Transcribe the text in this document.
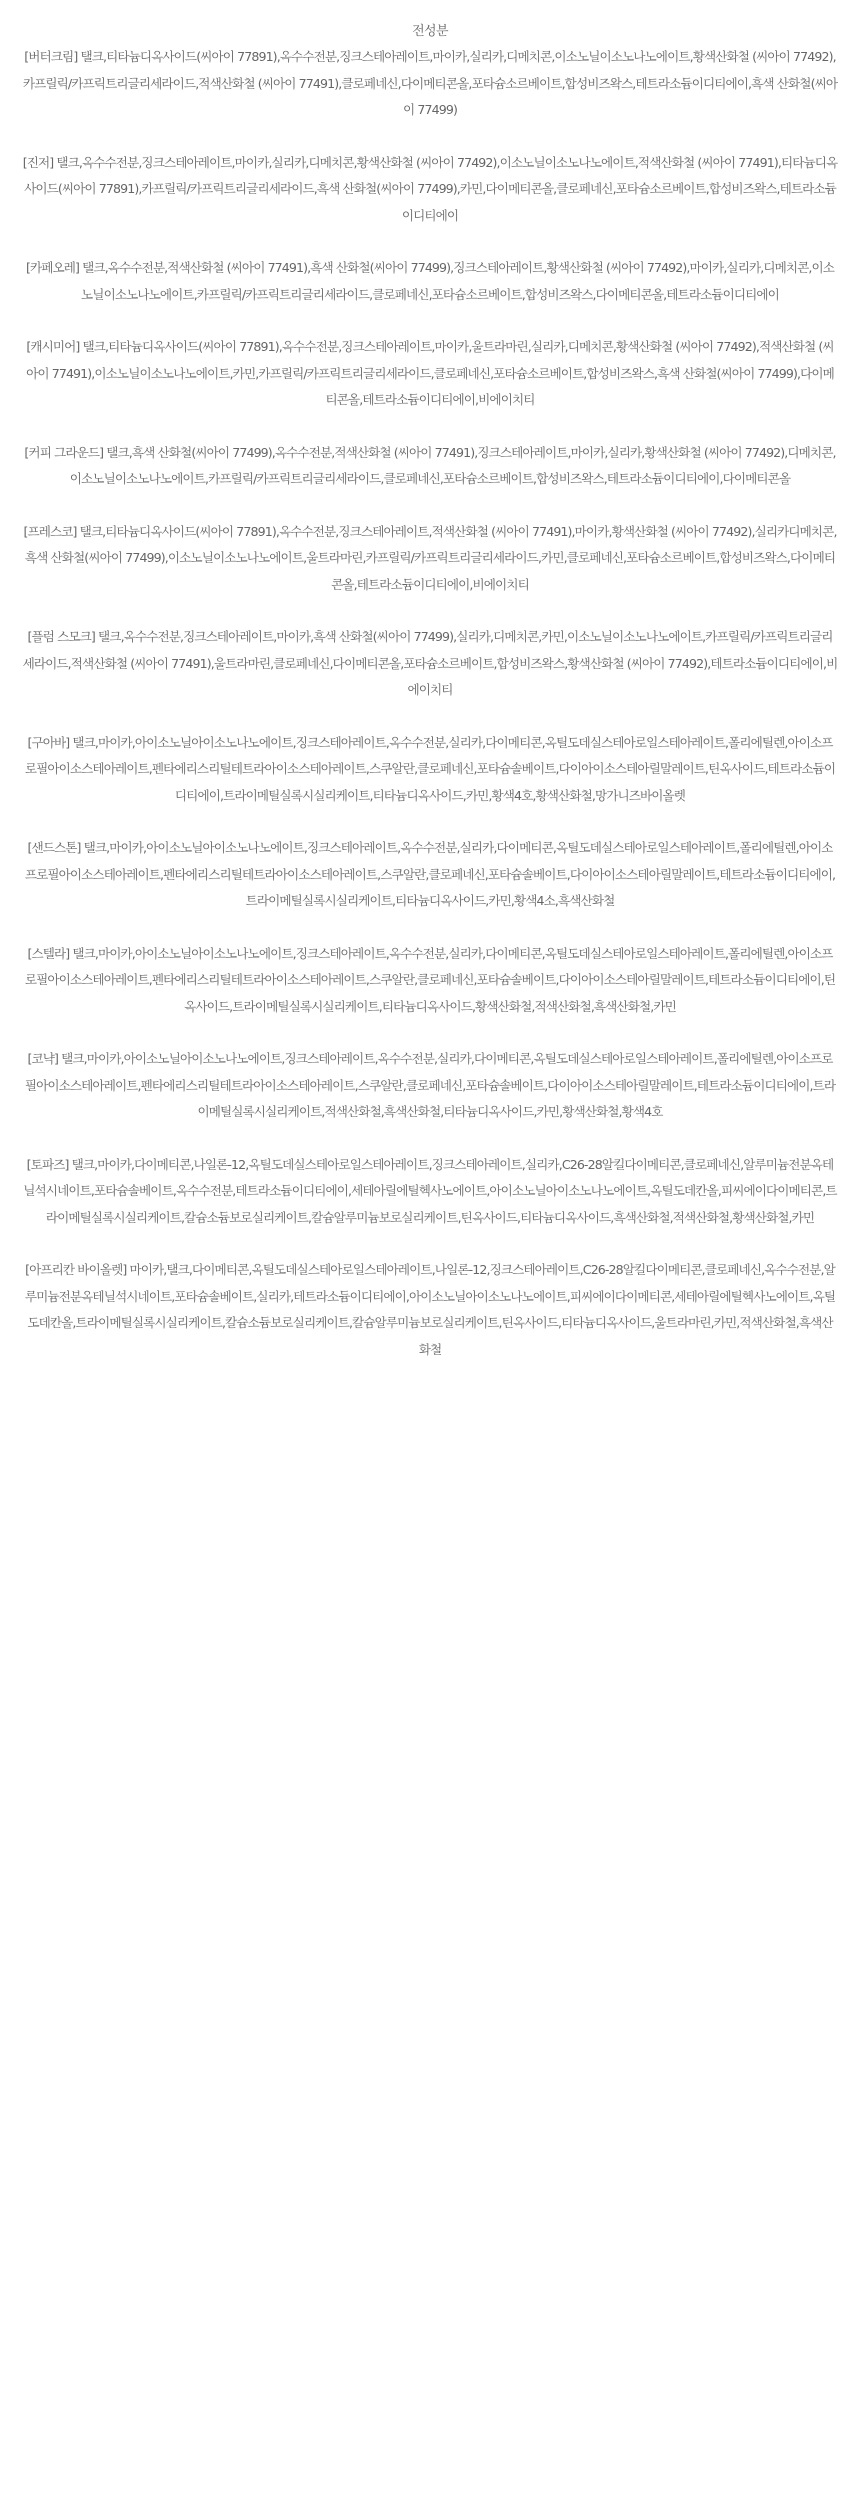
전성분

[버터크림] 탤크,티타늄디옥사이드(씨아이 77891),옥수수전분,징크스테아레이트,마이카,실리카,디메치콘,이소노닐이소노나노에이트,황색산화철 (씨아이 77492),카프릴릭/카프릭트리글리세라이드,적색산화철 (씨아이 77491),클로페네신,다이메티콘올,포타슘소르베이트,합성비즈왁스,테트라소듐이디티에이,흑색 산화철(씨아이 77499)

[진저] 탤크,옥수수전분,징크스테아레이트,마이카,실리카,디메치콘,황색산화철 (씨아이 77492),이소노닐이소노나노에이트,적색산화철 (씨아이 77491),티타늄디옥사이드(씨아이 77891),카프릴릭/카프릭트리글리세라이드,흑색 산화철(씨아이 77499),카민,다이메티콘올,클로페네신,포타슘소르베이트,합성비즈왁스,테트라소듐이디티에이

[카페오레] 탤크,옥수수전분,적색산화철 (씨아이 77491),흑색 산화철(씨아이 77499),징크스테아레이트,황색산화철 (씨아이 77492),마이카,실리카,디메치콘,이소노닐이소노나노에이트,카프릴릭/카프릭트리글리세라이드,클로페네신,포타슘소르베이트,합성비즈왁스,다이메티콘올,테트라소듐이디티에이

[캐시미어] 탤크,티타늄디옥사이드(씨아이 77891),옥수수전분,징크스테아레이트,마이카,울트라마린,실리카,디메치콘,황색산화철 (씨아이 77492),적색산화철 (씨아이 77491),이소노닐이소노나노에이트,카민,카프릴릭/카프릭트리글리세라이드,클로페네신,포타슘소르베이트,합성비즈왁스,흑색 산화철(씨아이 77499),다이메티콘올,테트라소듐이디티에이,비에이치티

[커피 그라운드] 탤크,흑색 산화철(씨아이 77499),옥수수전분,적색산화철 (씨아이 77491),징크스테아레이트,마이카,실리카,황색산화철 (씨아이 77492),디메치콘,이소노닐이소노나노에이트,카프릴릭/카프릭트리글리세라이드,클로페네신,포타슘소르베이트,합성비즈왁스,테트라소듐이디티에이,다이메티콘올

[프레스코] 탤크,티타늄디옥사이드(씨아이 77891),옥수수전분,징크스테아레이트,적색산화철 (씨아이 77491),마이카,황색산화철 (씨아이 77492),실리카디메치콘,흑색 산화철(씨아이 77499),이소노닐이소노나노에이트,울트라마린,카프릴릭/카프릭트리글리세라이드,카민,클로페네신,포타슘소르베이트,합성비즈왁스,다이메티콘올,테트라소듐이디티에이,비에이치티

[플럼 스모크] 탤크,옥수수전분,징크스테아레이트,마이카,흑색 산화철(씨아이 77499),실리카,디메치콘,카민,이소노닐이소노나노에이트,카프릴릭/카프릭트리글리세라이드,적색산화철 (씨아이 77491),울트라마린,클로페네신,다이메티콘올,포타슘소르베이트,합성비즈왁스,황색산화철 (씨아이 77492),테트라소듐이디티에이,비에이치티

[구아바] 탤크,마이카,아이소노닐아이소노나노에이트,징크스테아레이트,옥수수전분,실리카,다이메티콘,옥틸도데실스테아로일스테아레이트,폴리에틸렌,아이소프로필아이소스테아레이트,펜타에리스리틸테트라아이소스테아레이트,스쿠알란,클로페네신,포타슘솔베이트,다이아이소스테아릴말레이트,틴옥사이드,테트라소듐이디티에이,트라이메틸실록시실리케이트,티타늄디옥사이드,카민,황색4호,황색산화철,망가니즈바이올렛

[샌드스톤] 탤크,마이카,아이소노닐아이소노나노에이트,징크스테아레이트,옥수수전분,실리카,다이메티콘,옥틸도데실스테아로일스테아레이트,폴리에틸렌,아이소프로필아이소스테아레이트,펜타에리스리틸테트라아이소스테아레이트,스쿠알란,클로페네신,포타슘솔베이트,다이아이소스테아릴말레이트,테트라소듐이디티에이,트라이메틸실록시실리케이트,티타늄디옥사이드,카민,황색4소,흑색산화철

[스텔라] 탤크,마이카,아이소노닐아이소노나노에이트,징크스테아레이트,옥수수전분,실리카,다이메티콘,옥틸도데실스테아로일스테아레이트,폴리에틸렌,아이소프로필아이소스테아레이트,펜타에리스리틸테트라아이소스테아레이트,스쿠알란,클로페네신,포타슘솔베이트,다이아이소스테아릴말레이트,테트라소듐이디티에이,틴옥사이드,트라이메틸실록시실리케이트,티타늄디옥사이드,황색산화철,적색산화철,흑색산화철,카민

[코냑] 탤크,마이카,아이소노닐아이소노나노에이트,징크스테아레이트,옥수수전분,실리카,다이메티콘,옥틸도데실스테아로일스테아레이트,폴리에틸렌,아이소프로필아이소스테아레이트,펜타에리스리틸테트라아이소스테아레이트,스쿠알란,클로페네신,포타슘솔베이트,다이아이소스테아릴말레이트,테트라소듐이디티에이,트라이메틸실록시실리케이트,적색산화철,흑색산화철,티타늄디옥사이드,카민,황색산화철,황색4호

[토파즈] 탤크,마이카,다이메티콘,나일론-12,옥틸도데실스테아로일스테아레이트,징크스테아레이트,실리카,C26-28알킬다이메티콘,클로페네신,알루미늄전분옥테닐석시네이트,포타슘솔베이트,옥수수전분,테트라소듐이디티에이,세테아릴에틸헥사노에이트,아이소노닐아이소노나노에이트,옥틸도데칸올,피씨에이다이메티콘,트라이메틸실록시실리케이트,칼슘소듐보로실리케이트,칼슘알루미늄보로실리케이트,틴옥사이드,티타늄디옥사이드,흑색산화철,적색산화철,황색산화철,카민

[아프리칸 바이올렛] 마이카,탤크,다이메티콘,옥틸도데실스테아로일스테아레이트,나일론-12,징크스테아레이트,C26-28알킬다이메티콘,클로페네신,옥수수전분,알루미늄전분옥테닐석시네이트,포타슘솔베이트,실리카,테트라소듐이디티에이,아이소노닐아이소노나노에이트,피씨에이다이메티콘,세테아릴에틸헥사노에이트,옥틸도데칸올,트라이메틸실록시실리케이트,칼슘소듐보로실리케이트,칼슘알루미늄보로실리케이트,틴옥사이드,티타늄디옥사이드,울트라마린,카민,적색산화철,흑색산화철
